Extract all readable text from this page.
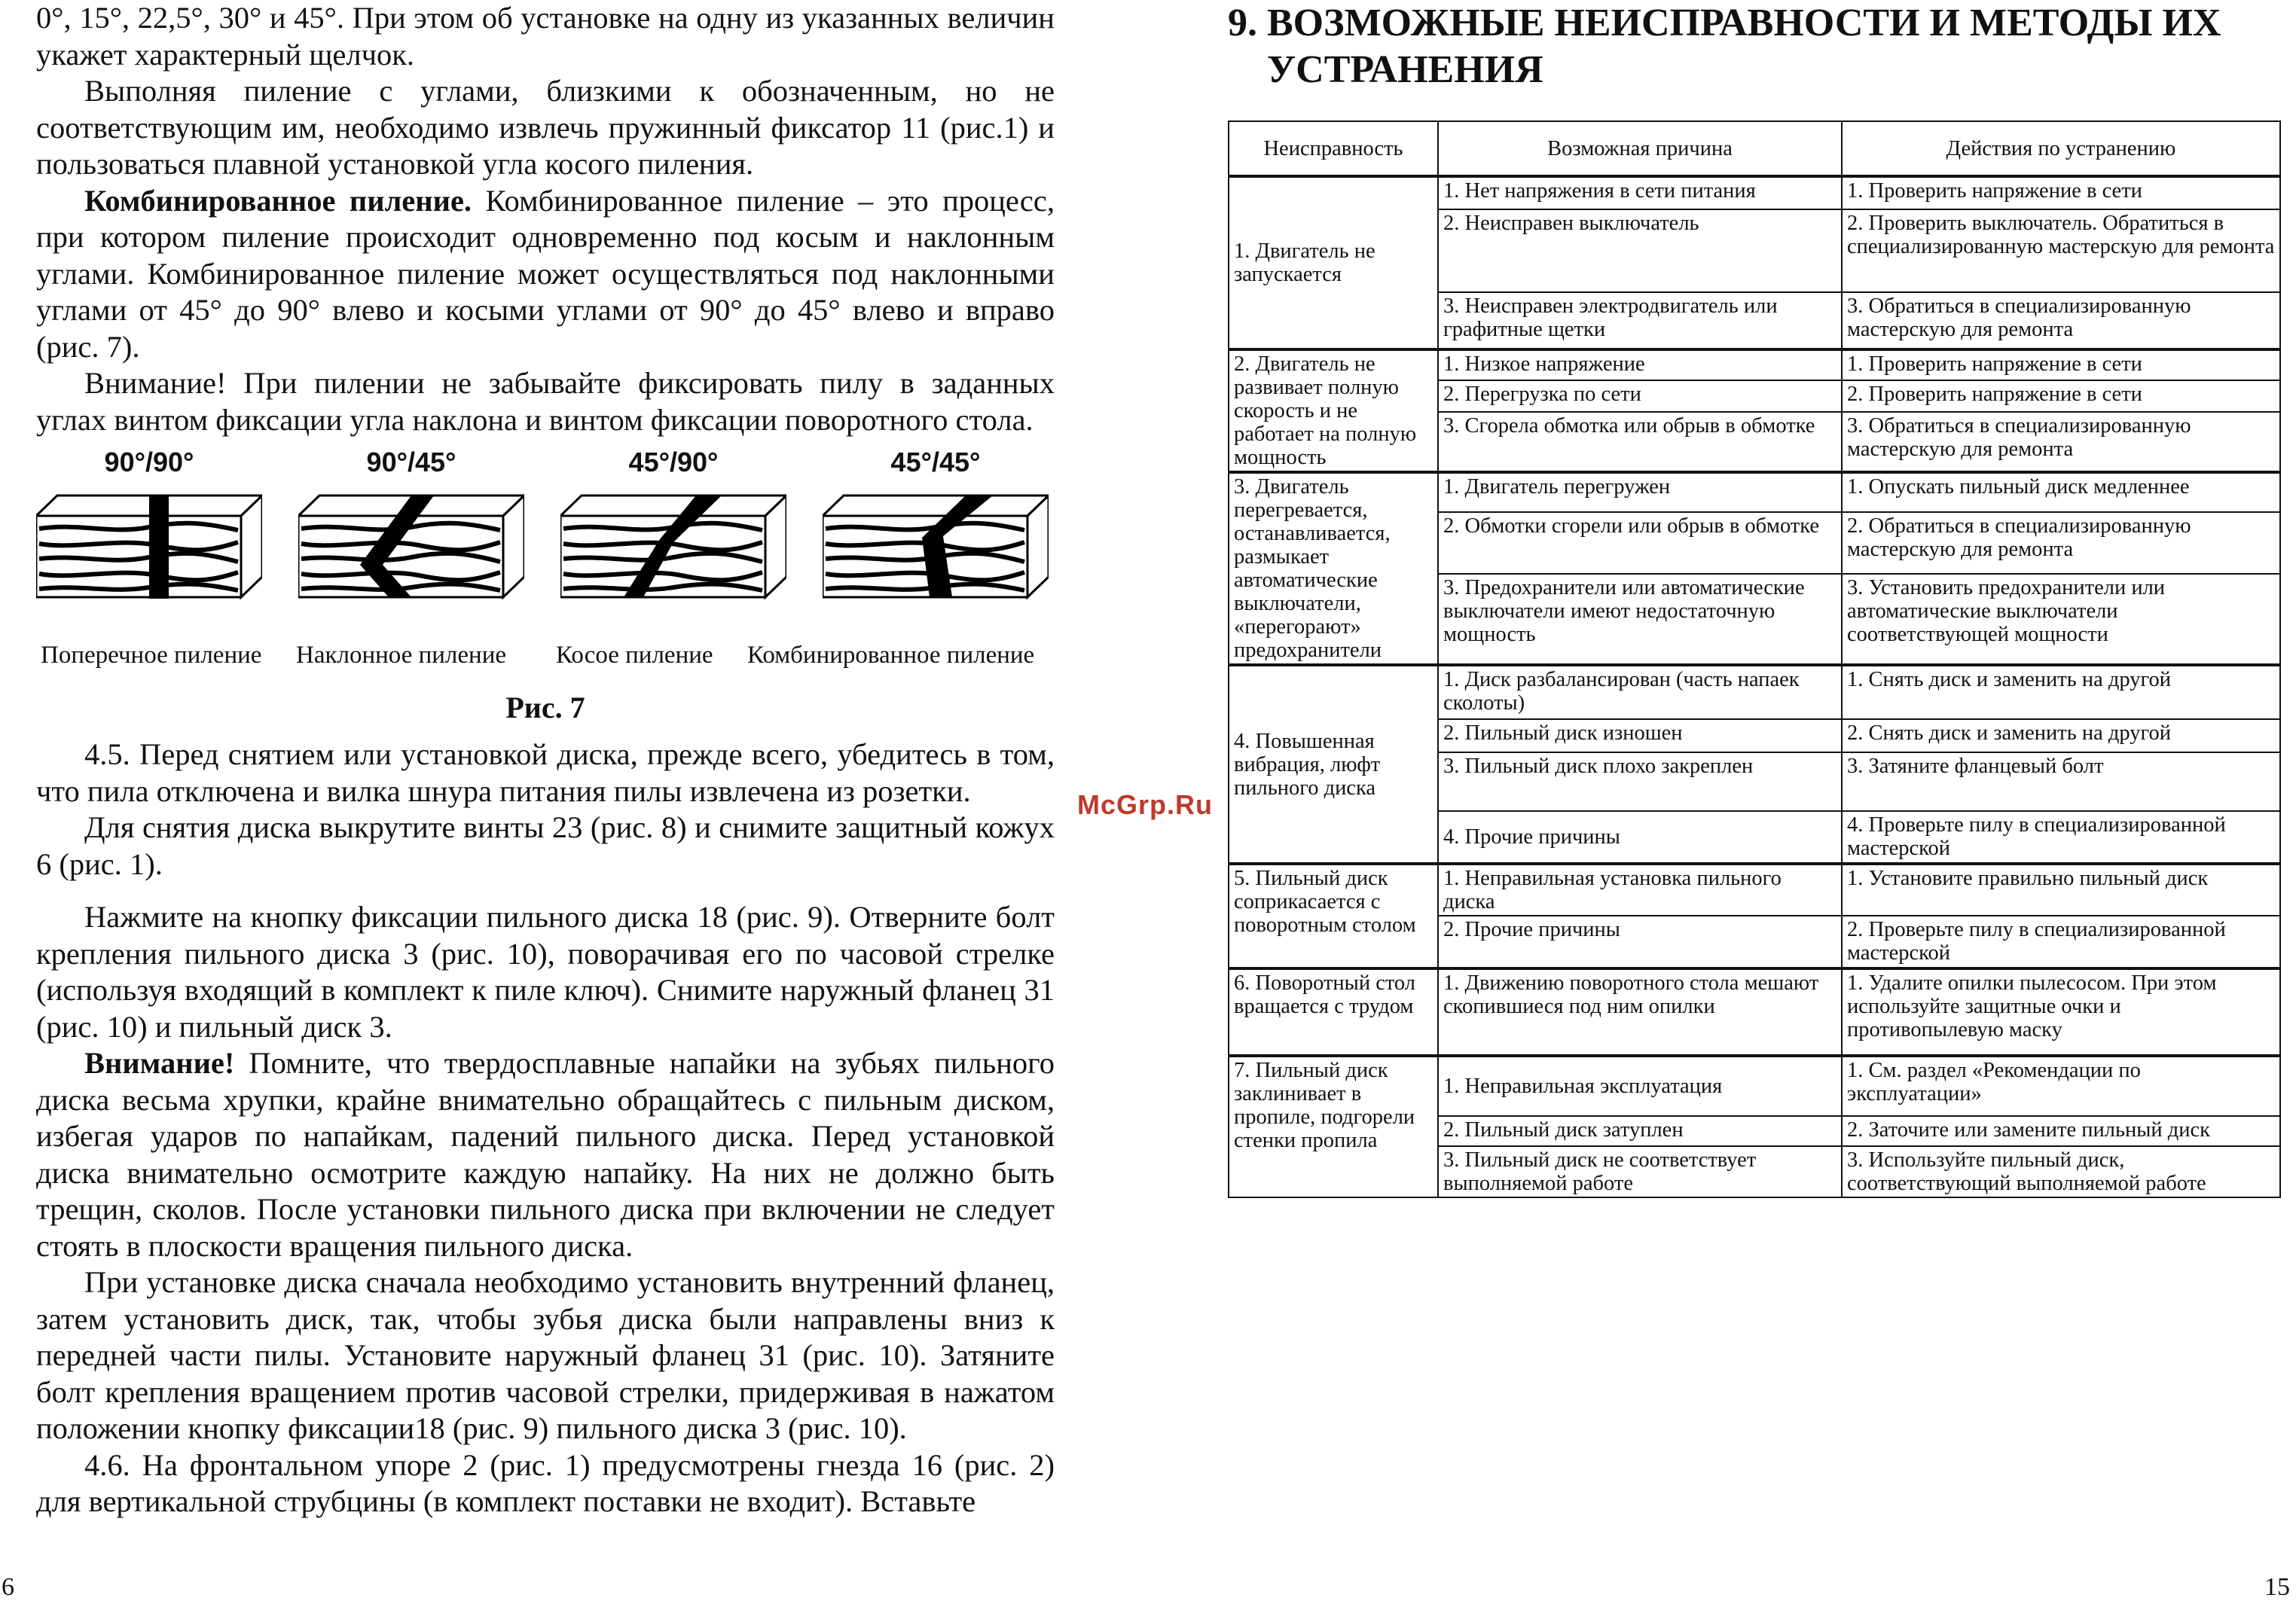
0°, 15°, 22,5°, 30° и 45°. При этом об установке на одну из указанных величин укажет характерный щелчок.

Выполняя пиление с углами, близкими к обозначенным, но не соответствующим им, необходимо извлечь пружинный фиксатор 11 (рис.1) и пользоваться плавной установкой угла косого пиления.

Комбинированное пиление. Комбинированное пиление – это процесс, при котором пиление происходит одновременно под косым и наклонным углами. Комбинированное пиление может осуществляться под наклонными углами от 45° до 90° влево и косыми углами от 90° до 45° влево и вправо (рис. 7).

Внимание! При пилении не забывайте фиксировать пилу в заданных углах винтом фиксации угла наклона и винтом фиксации поворотного стола.

90°/90°	90°/45°	45°/90°	45°/45°
Поперечное пиление Наклонное пиление Косое пиление Комбинированное пиление
Рис. 7

4.5. Перед снятием или установкой диска, прежде всего, убедитесь в том, что пила отключена и вилка шнура питания пилы извлечена из розетки.

Для снятия диска выкрутите винты 23 (рис. 8) и снимите защитный кожух 6 (рис. 1).

Нажмите на кнопку фиксации пильного диска 18 (рис. 9). Отверните болт крепления пильного диска 3 (рис. 10), поворачивая его по часовой стрелке (используя входящий в комплект к пиле ключ). Снимите наружный фланец 31 (рис. 10) и пильный диск 3.

Внимание! Помните, что твердосплавные напайки на зубьях пильного диска весьма хрупки, крайне внимательно обращайтесь с пильным диском, избегая ударов по напайкам, падений пильного диска. Перед установкой диска внимательно осмотрите каждую напайку. На них не должно быть трещин, сколов. После установки пильного диска при включении не следует стоять в плоскости вращения пильного диска.

При установке диска сначала необходимо установить внутренний фланец, затем установить диск, так, чтобы зубья диска были направлены вниз к передней части пилы. Установите наружный фланец 31 (рис. 10). Затяните болт крепления вращением против часовой стрелки, придерживая в нажатом положении кнопку фиксации18 (рис. 9) пильного диска 3 (рис. 10).

4.6. На фронтальном упоре 2 (рис. 1) предусмотрены гнезда 16 (рис. 2) для вертикальной струбцины (в комплект поставки не входит). Вставьте

6
McGrp.Ru
9. ВОЗМОЖНЫЕ НЕИСПРАВНОСТИ И МЕТОДЫ ИХ УСТРАНЕНИЯ
Неисправность	Возможная причина	Действия по устранению
1. Двигатель не запускается	1. Нет напряжения в сети питания	1. Проверить напряжение в сети
	2. Неисправен выключатель	2. Проверить выключатель. Обратиться в специализированную мастерскую для ремонта
	3. Неисправен электродвигатель или графитные щетки	3. Обратиться в специализированную мастерскую для ремонта
2. Двигатель не развивает полную скорость и не работает на полную мощность	1. Низкое напряжение	1. Проверить напряжение в сети
	2. Перегрузка по сети	2. Проверить напряжение в сети
	3. Сгорела обмотка или обрыв в обмотке	3. Обратиться в специализированную мастерскую для ремонта
3. Двигатель перегревается, останавливается, размыкает автоматические выключатели, «перегорают» предохранители	1. Двигатель перегружен	1. Опускать пильный диск медленнее
	2. Обмотки сгорели или обрыв в обмотке	2. Обратиться в специализированную мастерскую для ремонта
	3. Предохранители или автоматические выключатели имеют недостаточную мощность	3. Установить предохранители или автоматические выключатели соответствующей мощности
4. Повышенная вибрация, люфт пильного диска	1. Диск разбалансирован (часть напаек сколоты)	1. Снять диск и заменить на другой
	2. Пильный диск изношен	2. Снять диск и заменить на другой
	3. Пильный диск плохо закреплен	3. Затяните фланцевый болт
	4. Прочие причины	4. Проверьте пилу в специализированной мастерской
5. Пильный диск соприкасается с поворотным столом	1. Неправильная установка пильного диска	1. Установите правильно пильный диск
	2. Прочие причины	2. Проверьте пилу в специализированной мастерской
6. Поворотный стол вращается с трудом	1. Движению поворотного стола мешают скопившиеся под ним опилки	1. Удалите опилки пылесосом. При этом используйте защитные очки и противопылевую маску
7. Пильный диск заклинивает в пропиле, подгорели стенки пропила	1. Неправильная эксплуатация	1. См. раздел «Рекомендации по эксплуатации»
	2. Пильный диск затуплен	2. Заточите или замените пильный диск
	3. Пильный диск не соответствует выполняемой работе	3. Используйте пильный диск, соответствующий выполняемой работе
15
